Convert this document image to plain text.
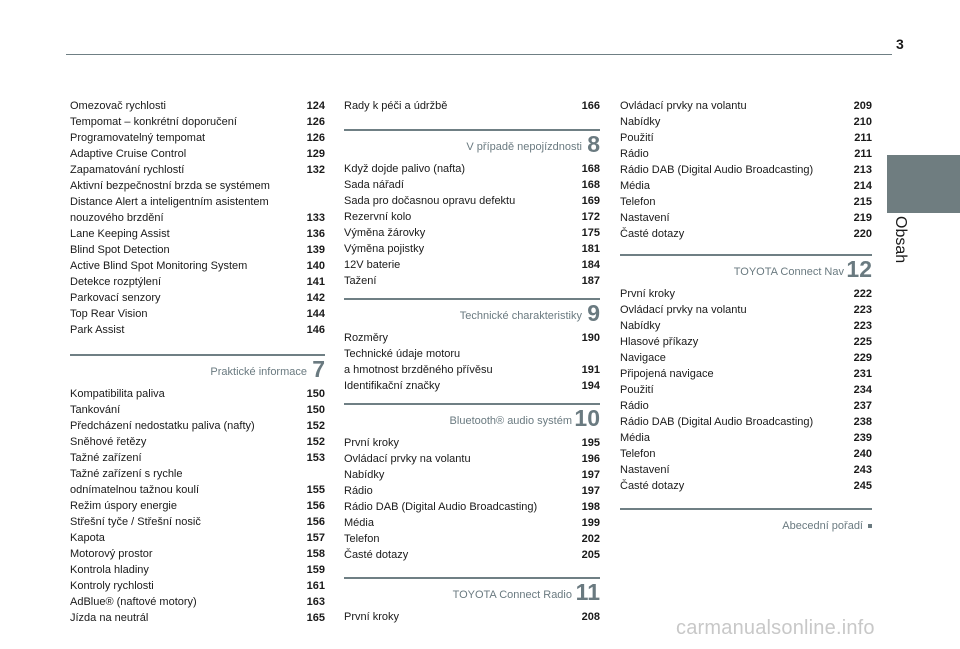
3
Obsah
Omezovač rychlosti	124
Tempomat – konkrétní doporučení	126
Programovatelný tempomat	126
Adaptive Cruise Control	129
Zapamatování rychlostí	132
Aktivní bezpečnostní brzda se systémem
Distance Alert a inteligentním asistentem
nouzového brzdění	133
Lane Keeping Assist	136
Blind Spot Detection	139
Active Blind Spot Monitoring System	140
Detekce rozptýlení	141
Parkovací senzory	142
Top Rear Vision	144
Park Assist	146
Praktické informace 7
Kompatibilita paliva	150
Tankování	150
Předcházení nedostatku paliva (nafty)	152
Sněhové řetězy	152
Tažné zařízení	153
Tažné zařízení s rychle
odnímatelnou tažnou koulí	155
Režim úspory energie	156
Střešní tyče / Střešní nosič	156
Kapota	157
Motorový prostor	158
Kontrola hladiny	159
Kontroly rychlosti	161
AdBlue® (naftové motory)	163
Jízda na neutrál	165
Rady k péči a údržbě	166
V případě nepojízdnosti 8
Když dojde palivo (nafta)	168
Sada nářadí	168
Sada pro dočasnou opravu defektu	169
Rezervní kolo	172
Výměna žárovky	175
Výměna pojistky	181
12V baterie	184
Tažení	187
Technické charakteristiky 9
Rozměry	190
Technické údaje motoru
a hmotnost brzděného přívěsu	191
Identifikační značky	194
Bluetooth® audio systém 10
První kroky	195
Ovládací prvky na volantu	196
Nabídky	197
Rádio	197
Rádio DAB (Digital Audio Broadcasting)	198
Média	199
Telefon	202
Časté dotazy	205
TOYOTA Connect Radio 11
První kroky	208
Ovládací prvky na volantu	209
Nabídky	210
Použití	211
Rádio	211
Rádio DAB (Digital Audio Broadcasting)	213
Média	214
Telefon	215
Nastavení	219
Časté dotazy	220
TOYOTA Connect Nav 12
První kroky	222
Ovládací prvky na volantu	223
Nabídky	223
Hlasové příkazy	225
Navigace	229
Připojená navigace	231
Použití	234
Rádio	237
Rádio DAB (Digital Audio Broadcasting)	238
Média	239
Telefon	240
Nastavení	243
Časté dotazy	245
Abecední pořadí
carmanualsonline.info
